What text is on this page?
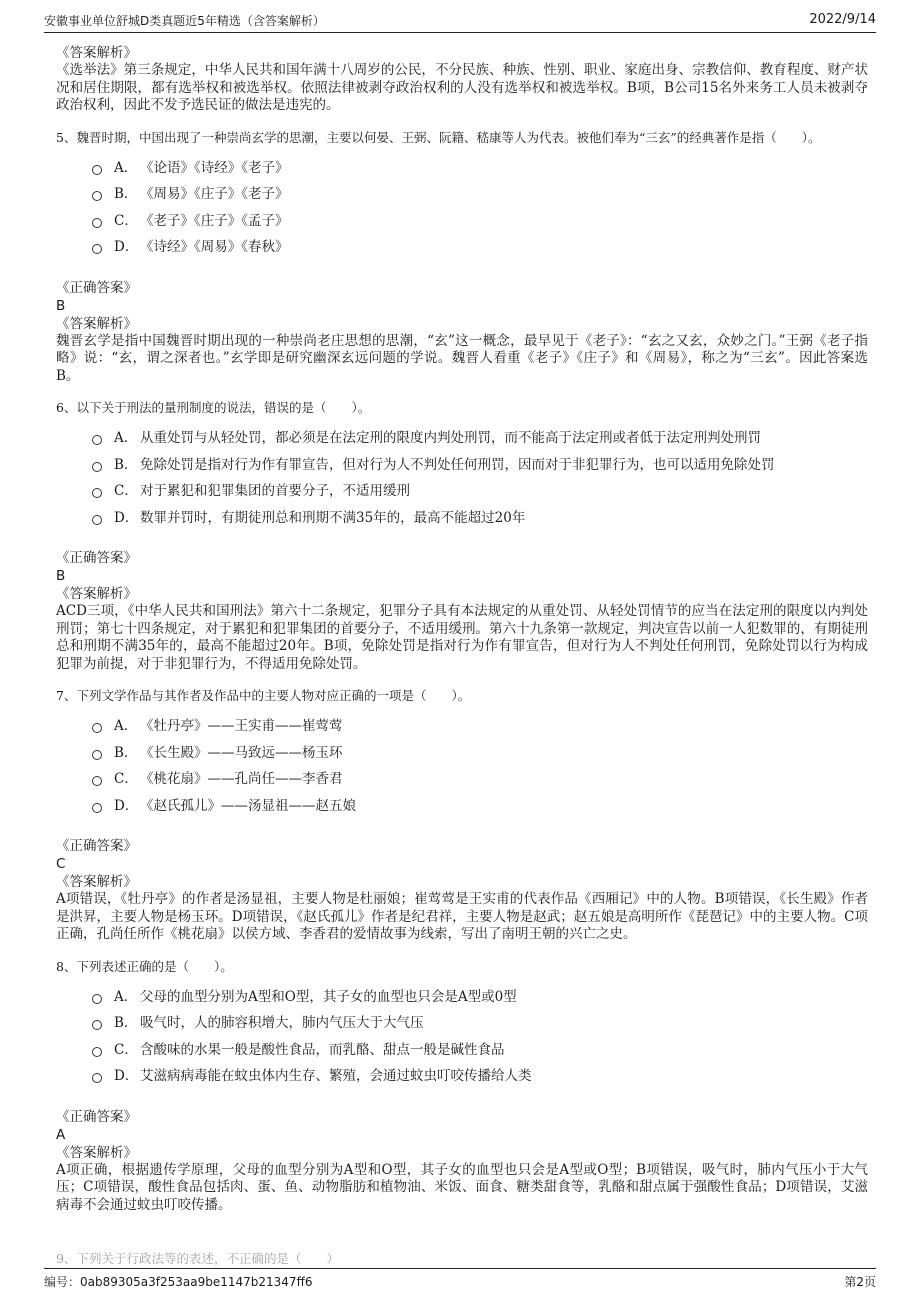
安徽事业单位舒城D类真题近5年精选（含答案解析）	2022/9/14
《答案解析》
《选举法》第三条规定，中华人民共和国年满十八周岁的公民，不分民族、种族、性别、职业、家庭出身、宗教信仰、教育程度、财产状况和居住期限，都有选举权和被选举权。依照法律被剥夺政治权利的人没有选举权和被选举权。B项，B公司15名外来务工人员未被剥夺政治权利，因此不发予选民证的做法是违宪的。
5、魏晋时期，中国出现了一种崇尚玄学的思潮，主要以何晏、王弼、阮籍、嵇康等人为代表。被他们奉为“三玄”的经典著作是指（　　）。
A． 《论语》《诗经》《老子》
B． 《周易》《庄子》《老子》
C． 《老子》《庄子》《孟子》
D． 《诗经》《周易》《春秋》
《正确答案》
B
《答案解析》
魏晋玄学是指中国魏晋时期出现的一种崇尚老庄思想的思潮，“玄”这一概念，最早见于《老子》：“玄之又玄，众妙之门。”王弼《老子指略》说：“玄，谓之深者也。”玄学即是研究幽深玄远问题的学说。魏晋人看重《老子》《庄子》和《周易》，称之为“三玄”。因此答案选B。
6、以下关于刑法的量刑制度的说法，错误的是（　　）。
A． 从重处罚与从轻处罚，都必须是在法定刑的限度内判处刑罚，而不能高于法定刑或者低于法定刑判处刑罚
B． 免除处罚是指对行为作有罪宣告，但对行为人不判处任何刑罚，因而对于非犯罪行为，也可以适用免除处罚
C． 对于累犯和犯罪集团的首要分子，不适用缓刑
D． 数罪并罚时，有期徒刑总和刑期不满35年的，最高不能超过20年
《正确答案》
B
《答案解析》
ACD三项，《中华人民共和国刑法》第六十二条规定，犯罪分子具有本法规定的从重处罚、从轻处罚情节的应当在法定刑的限度以内判处刑罚；第七十四条规定，对于累犯和犯罪集团的首要分子，不适用缓刑。第六十九条第一款规定，判决宣告以前一人犯数罪的，有期徒刑总和刑期不满35年的，最高不能超过20年。B项，免除处罚是指对行为作有罪宣告，但对行为人不判处任何刑罚，免除处罚以行为构成犯罪为前提，对于非犯罪行为，不得适用免除处罚。
7、下列文学作品与其作者及作品中的主要人物对应正确的一项是（　　）。
A． 《牡丹亭》——王实甫——崔莺莺
B． 《长生殿》——马致远——杨玉环
C． 《桃花扇》——孔尚任——李香君
D． 《赵氏孤儿》——汤显祖——赵五娘
《正确答案》
C
《答案解析》
A项错误，《牡丹亭》的作者是汤显祖，主要人物是杜丽娘；崔莺莺是王实甫的代表作品《西厢记》中的人物。B项错误，《长生殿》作者是洪昇，主要人物是杨玉环。D项错误，《赵氏孤儿》作者是纪君祥，主要人物是赵武；赵五娘是高明所作《琵琶记》中的主要人物。C项正确，孔尚任所作《桃花扇》以侯方域、李香君的爱情故事为线索，写出了南明王朝的兴亡之史。
8、下列表述正确的是（　　）。
A． 父母的血型分别为A型和O型，其子女的血型也只会是A型或0型
B． 吸气时，人的肺容积增大，肺内气压大于大气压
C． 含酸味的水果一般是酸性食品，而乳酪、甜点一般是碱性食品
D． 艾滋病病毒能在蚊虫体内生存、繁殖，会通过蚊虫叮咬传播给人类
《正确答案》
A
《答案解析》
A项正确，根据遗传学原理，父母的血型分别为A型和O型，其子女的血型也只会是A型或O型；B项错误，吸气时，肺内气压小于大气压；C项错误，酸性食品包括肉、蛋、鱼、动物脂肪和植物油、米饭、面食、糖类甜食等，乳酪和甜点属于强酸性食品；D项错误，艾滋病毒不会通过蚊虫叮咬传播。
9、下列关于行政法等的表述，不正确的是（　　）
编号：0ab89305a3f253aa9be1147b21347ff6	第2页
